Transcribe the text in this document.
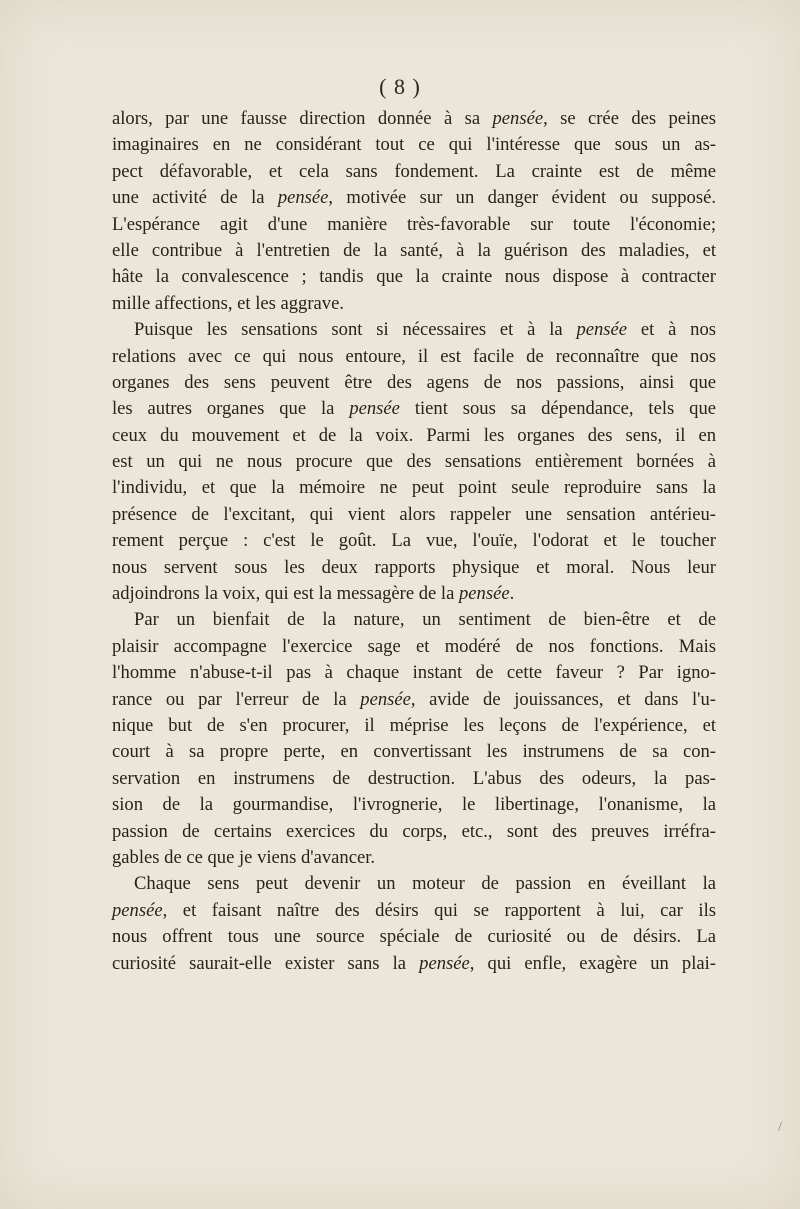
( 8 )
alors, par une fausse direction donnée à sa pensée, se crée des peines
imaginaires en ne considérant tout ce qui l'intéresse que sous un as-
pect défavorable, et cela sans fondement. La crainte est de même
une activité de la pensée, motivée sur un danger évident ou supposé.
L'espérance agit d'une manière très-favorable sur toute l'économie;
elle contribue à l'entretien de la santé, à la guérison des maladies, et
hâte la convalescence ; tandis que la crainte nous dispose à contracter
mille affections, et les aggrave.
Puisque les sensations sont si nécessaires et à la pensée et à nos
relations avec ce qui nous entoure, il est facile de reconnaître que nos
organes des sens peuvent être des agens de nos passions, ainsi que
les autres organes que la pensée tient sous sa dépendance, tels que
ceux du mouvement et de la voix. Parmi les organes des sens, il en
est un qui ne nous procure que des sensations entièrement bornées à
l'individu, et que la mémoire ne peut point seule reproduire sans la
présence de l'excitant, qui vient alors rappeler une sensation antérieu-
rement perçue : c'est le goût. La vue, l'ouïe, l'odorat et le toucher
nous servent sous les deux rapports physique et moral. Nous leur
adjoindrons la voix, qui est la messagère de la pensée.
Par un bienfait de la nature, un sentiment de bien-être et de
plaisir accompagne l'exercice sage et modéré de nos fonctions. Mais
l'homme n'abuse-t-il pas à chaque instant de cette faveur ? Par igno-
rance ou par l'erreur de la pensée, avide de jouissances, et dans l'u-
nique but de s'en procurer, il méprise les leçons de l'expérience, et
court à sa propre perte, en convertissant les instrumens de sa con-
servation en instrumens de destruction. L'abus des odeurs, la pas-
sion de la gourmandise, l'ivrognerie, le libertinage, l'onanisme, la
passion de certains exercices du corps, etc., sont des preuves irréfra-
gables de ce que je viens d'avancer.
Chaque sens peut devenir un moteur de passion en éveillant la
pensée, et faisant naître des désirs qui se rapportent à lui, car ils
nous offrent tous une source spéciale de curiosité ou de désirs. La
curiosité saurait-elle exister sans la pensée, qui enfle, exagère un plai-
/
